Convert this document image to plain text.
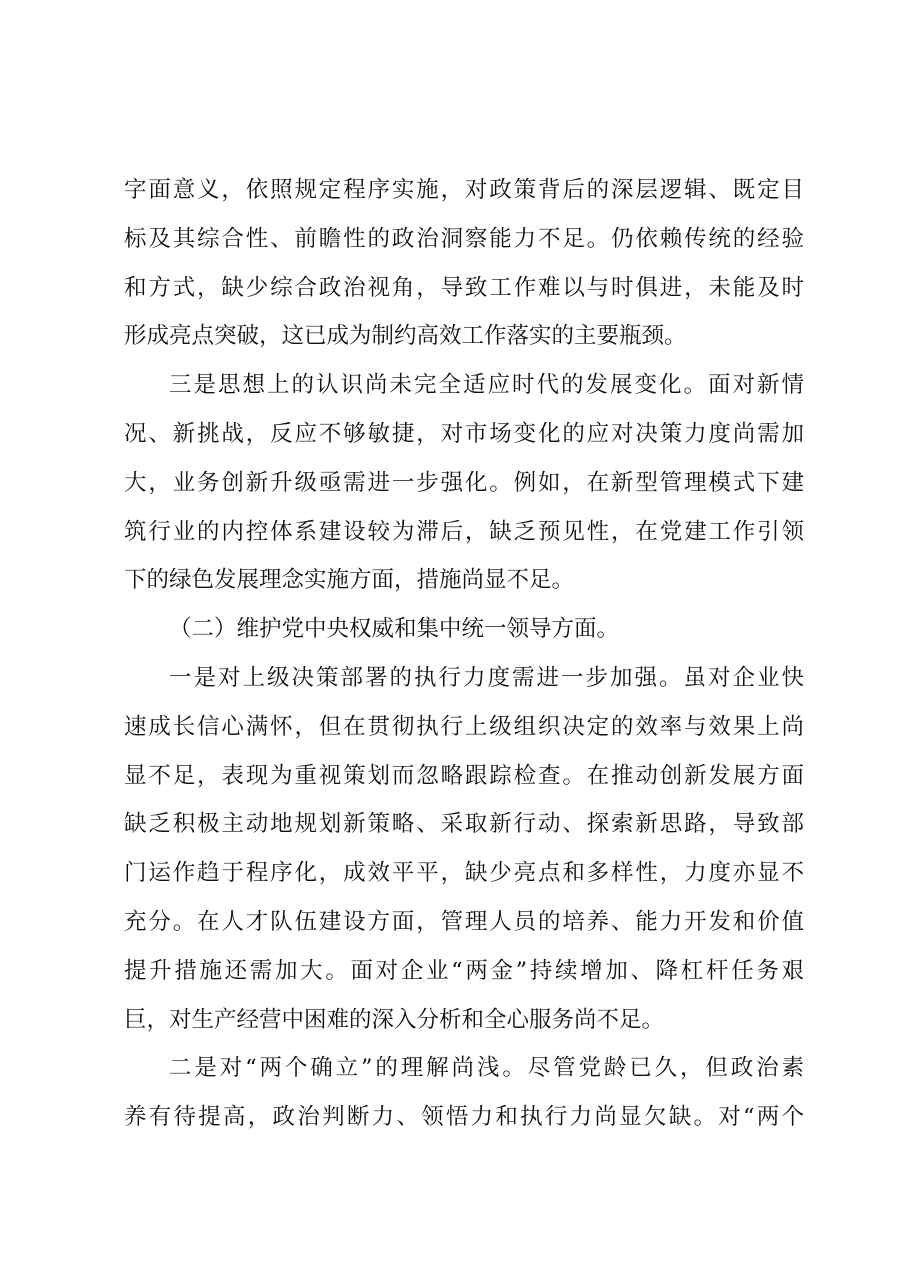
字面意义，依照规定程序实施，对政策背后的深层逻辑、既定目
标及其综合性、前瞻性的政治洞察能力不足。仍依赖传统的经验
和方式，缺少综合政治视角，导致工作难以与时俱进，未能及时
形成亮点突破，这已成为制约高效工作落实的主要瓶颈。
三是思想上的认识尚未完全适应时代的发展变化。面对新情
况、新挑战，反应不够敏捷，对市场变化的应对决策力度尚需加
大，业务创新升级亟需进一步强化。例如，在新型管理模式下建
筑行业的内控体系建设较为滞后，缺乏预见性，在党建工作引领
下的绿色发展理念实施方面，措施尚显不足。
（二）维护党中央权威和集中统一领导方面。
一是对上级决策部署的执行力度需进一步加强。虽对企业快
速成长信心满怀，但在贯彻执行上级组织决定的效率与效果上尚
显不足，表现为重视策划而忽略跟踪检查。在推动创新发展方面
缺乏积极主动地规划新策略、采取新行动、探索新思路，导致部
门运作趋于程序化，成效平平，缺少亮点和多样性，力度亦显不
充分。在人才队伍建设方面，管理人员的培养、能力开发和价值
提升措施还需加大。面对企业“两金”持续增加、降杠杆任务艰
巨，对生产经营中困难的深入分析和全心服务尚不足。
二是对“两个确立”的理解尚浅。尽管党龄已久，但政治素
养有待提高，政治判断力、领悟力和执行力尚显欠缺。对“两个
